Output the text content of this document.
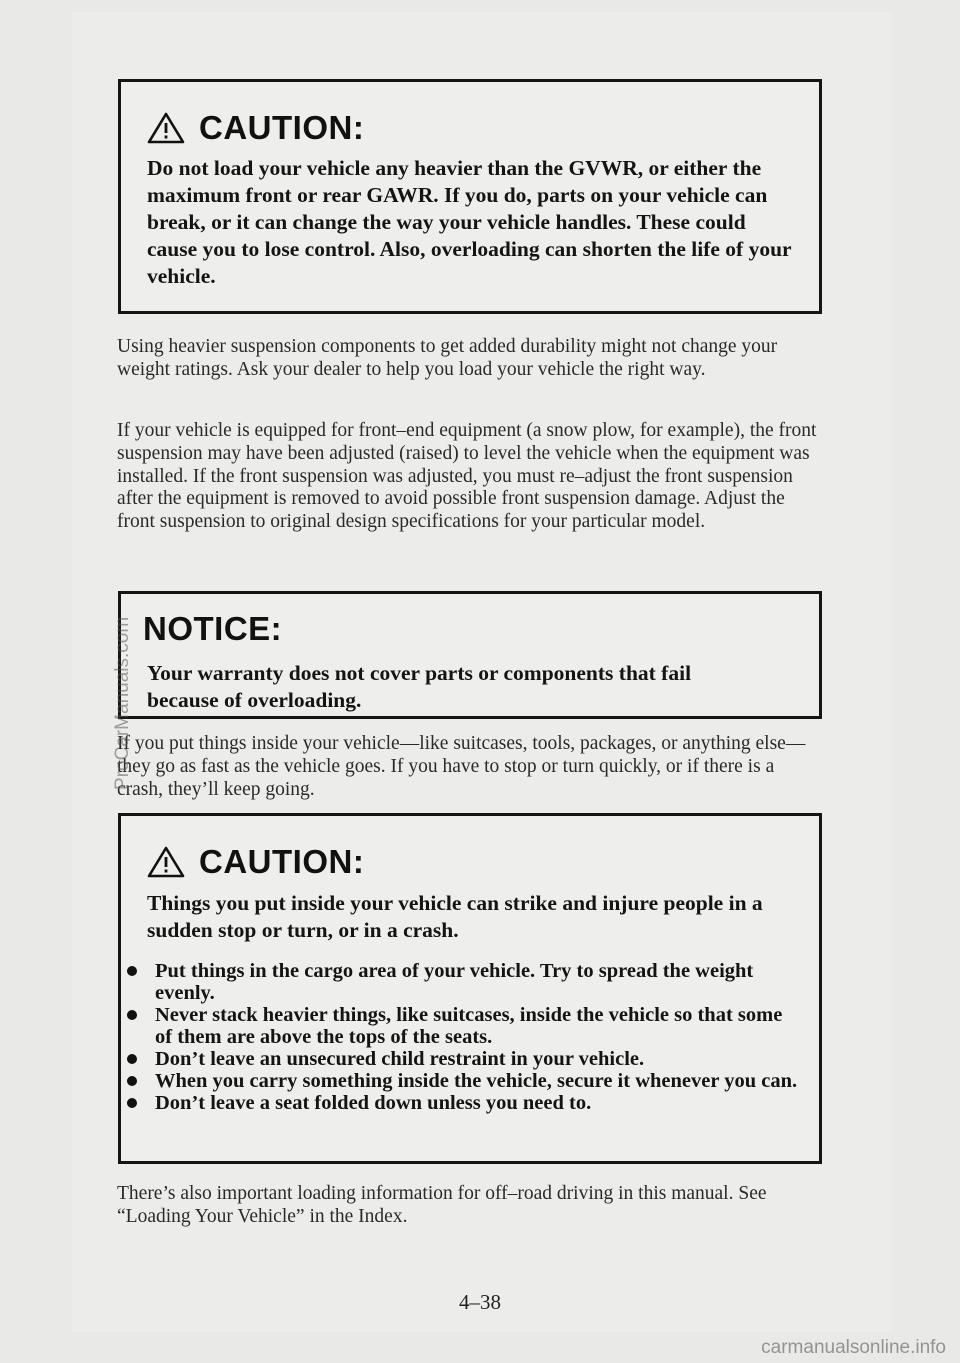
CAUTION:
Do not load your vehicle any heavier than the GVWR, or either the maximum front or rear GAWR. If you do, parts on your vehicle can break, or it can change the way your vehicle handles. These could cause you to lose control. Also, overloading can shorten the life of your vehicle.

Using heavier suspension components to get added durability might not change your weight ratings. Ask your dealer to help you load your vehicle the right way.

If your vehicle is equipped for front–end equipment (a snow plow, for example), the front suspension may have been adjusted (raised) to level the vehicle when the equipment was installed. If the front suspension was adjusted, you must re–adjust the front suspension after the equipment is removed to avoid possible front suspension damage. Adjust the front suspension to original design specifications for your particular model.

NOTICE:
Your warranty does not cover parts or components that fail because of overloading.

If you put things inside your vehicle—like suitcases, tools, packages, or anything else—they go as fast as the vehicle goes. If you have to stop or turn quickly, or if there is a crash, they’ll keep going.

CAUTION:
Things you put inside your vehicle can strike and injure people in a sudden stop or turn, or in a crash.
Put things in the cargo area of your vehicle. Try to spread the weight evenly.
Never stack heavier things, like suitcases, inside the vehicle so that some of them are above the tops of the seats.
Don’t leave an unsecured child restraint in your vehicle.
When you carry something inside the vehicle, secure it whenever you can.
Don’t leave a seat folded down unless you need to.

There’s also important loading information for off–road driving in this manual. See “Loading Your Vehicle” in the Index.

4–38
ProCarManuals.com
carmanualsonline.info
